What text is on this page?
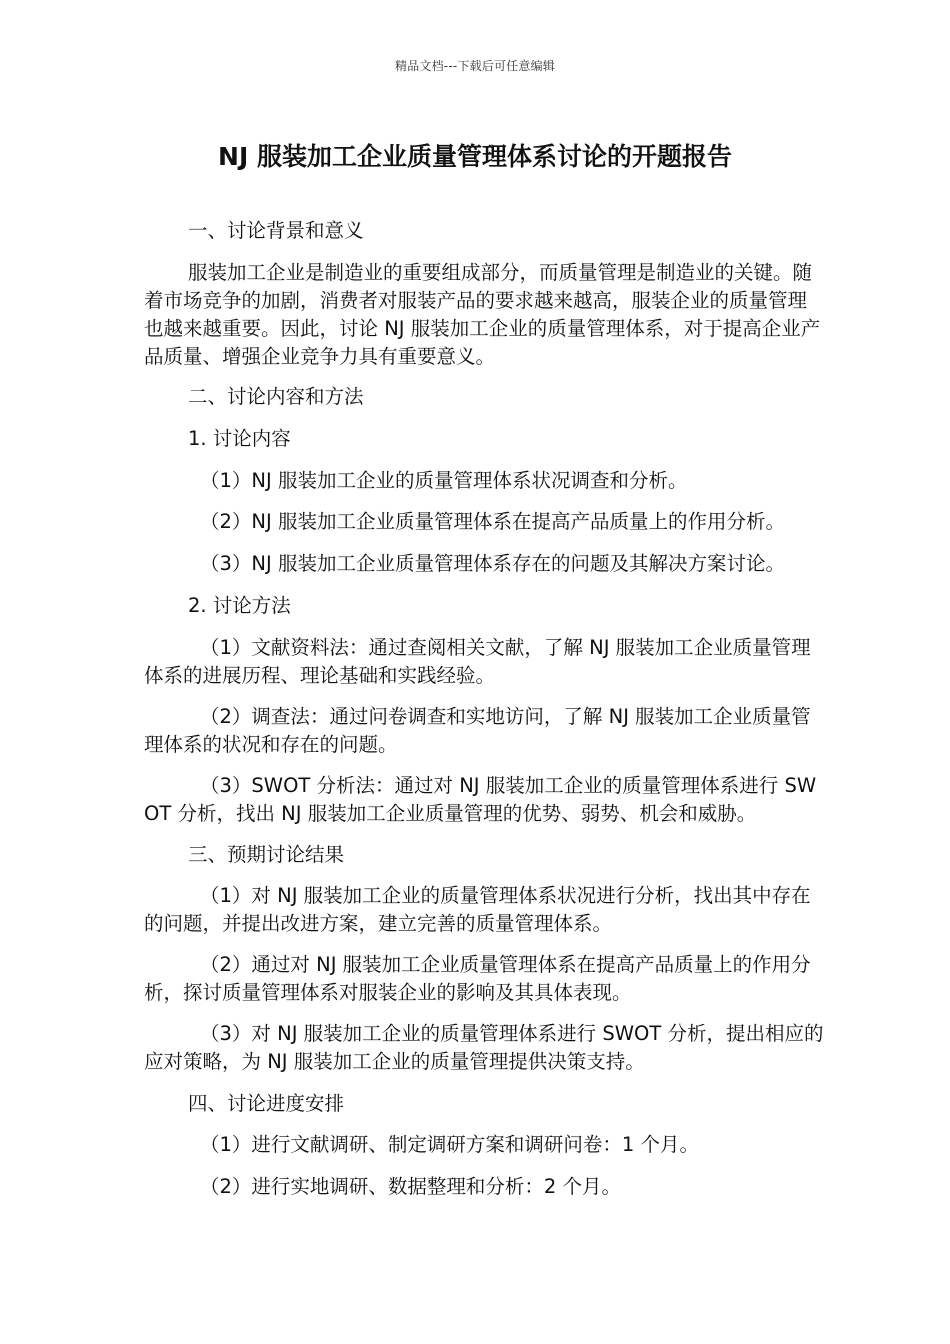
精品文档---下载后可任意编辑
NJ 服装加工企业质量管理体系讨论的开题报告

一、讨论背景和意义

服装加工企业是制造业的重要组成部分，而质量管理是制造业的关键。随着市场竞争的加剧，消费者对服装产品的要求越来越高，服装企业的质量管理也越来越重要。因此，讨论 NJ 服装加工企业的质量管理体系，对于提高企业产品质量、增强企业竞争力具有重要意义。

二、讨论内容和方法

1. 讨论内容

（1）NJ 服装加工企业的质量管理体系状况调查和分析。

（2）NJ 服装加工企业质量管理体系在提高产品质量上的作用分析。

（3）NJ 服装加工企业质量管理体系存在的问题及其解决方案讨论。

2. 讨论方法

（1）文献资料法：通过查阅相关文献，了解 NJ 服装加工企业质量管理体系的进展历程、理论基础和实践经验。

（2）调查法：通过问卷调查和实地访问，了解 NJ 服装加工企业质量管理体系的状况和存在的问题。

（3）SWOT 分析法：通过对 NJ 服装加工企业的质量管理体系进行 SWOT 分析，找出 NJ 服装加工企业质量管理的优势、弱势、机会和威胁。

三、预期讨论结果

（1）对 NJ 服装加工企业的质量管理体系状况进行分析，找出其中存在的问题，并提出改进方案，建立完善的质量管理体系。

（2）通过对 NJ 服装加工企业质量管理体系在提高产品质量上的作用分析，探讨质量管理体系对服装企业的影响及其具体表现。

（3）对 NJ 服装加工企业的质量管理体系进行 SWOT 分析，提出相应的应对策略，为 NJ 服装加工企业的质量管理提供决策支持。

四、讨论进度安排

（1）进行文献调研、制定调研方案和调研问卷：1 个月。

（2）进行实地调研、数据整理和分析：2 个月。
